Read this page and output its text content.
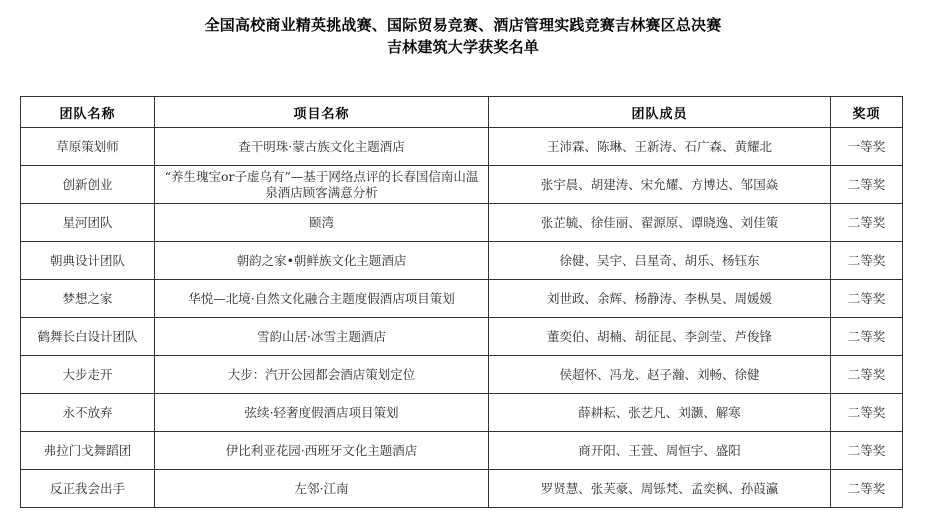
全国高校商业精英挑战赛、国际贸易竞赛、酒店管理实践竞赛吉林赛区总决赛
吉林建筑大学获奖名单
团队名称	项目名称	团队成员	奖项
草原策划师	查干明珠·蒙古族文化主题酒店	王沛霖、陈琳、王新涛、石广森、黄耀北	一等奖
创新创业	“养生瑰宝or子虚乌有”—基于网络点评的长春国信南山温泉酒店顾客满意分析	张宇晨、胡建涛、宋允耀、方博达、邹国焱	二等奖
星河团队	颐湾	张芷毓、徐佳丽、翟源原、谭晓逸、刘佳策	二等奖
朝典设计团队	朝韵之家•朝鲜族文化主题酒店	徐健、吴宇、吕星奇、胡乐、杨钰东	二等奖
梦想之家	华悦—北境·自然文化融合主题度假酒店项目策划	刘世政、余辉、杨静涛、李枞昊、周媛媛	二等奖
鹤舞长白设计团队	雪韵山居·冰雪主题酒店	董奕伯、胡楠、胡征昆、李剑莹、芦俊锋	二等奖
大步走开	大步：汽开公园都会酒店策划定位	侯超怀、冯龙、赵子瀚、刘畅、徐健	二等奖
永不放弃	弦续·轻奢度假酒店项目策划	薛耕耘、张艺凡、刘灏、解寒	二等奖
弗拉门戈舞蹈团	伊比利亚花园·西班牙文化主题酒店	商开阳、王萱、周恒宇、盛阳	二等奖
反正我会出手	左邻·江南	罗贤慧、张芙豪、周铄梵、孟奕枫、孙葭瀛	二等奖
